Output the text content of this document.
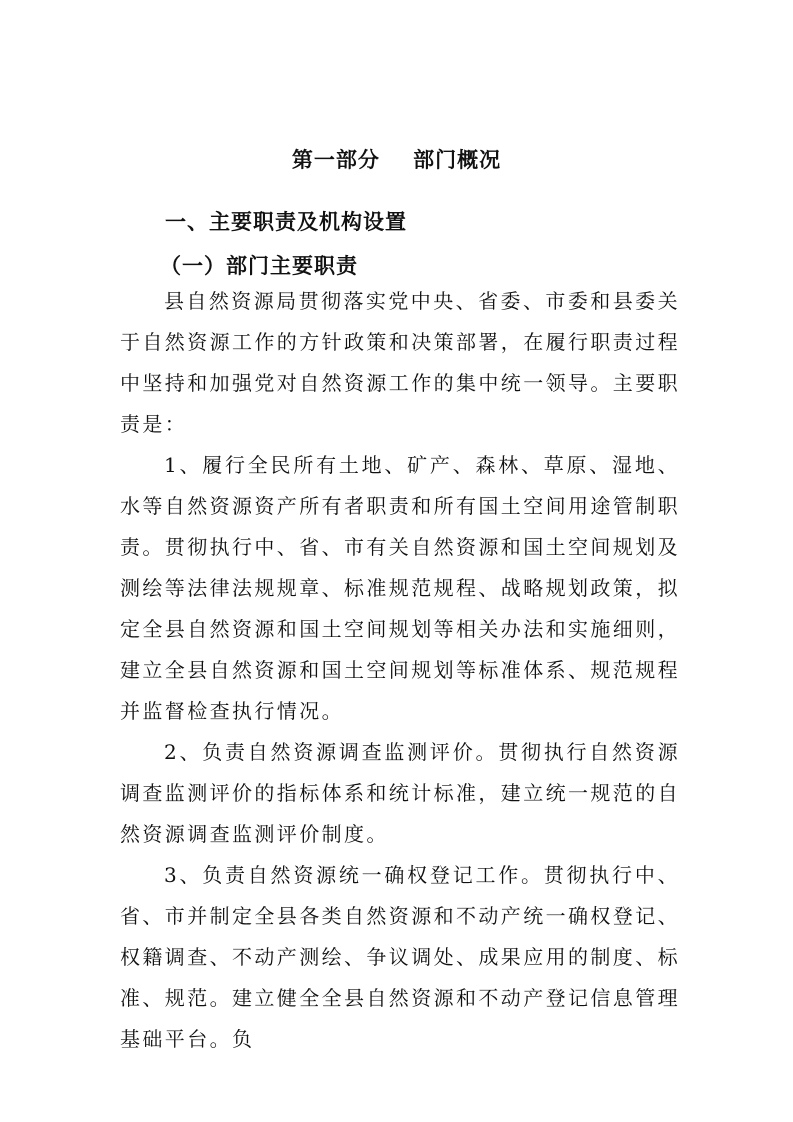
第一部分    部门概况
一、主要职责及机构设置
（一）部门主要职责

县自然资源局贯彻落实党中央、省委、市委和县委关于自然资源工作的方针政策和决策部署，在履行职责过程中坚持和加强党对自然资源工作的集中统一领导。主要职责是：

1、履行全民所有土地、矿产、森林、草原、湿地、水等自然资源资产所有者职责和所有国土空间用途管制职责。贯彻执行中、省、市有关自然资源和国土空间规划及测绘等法律法规规章、标准规范规程、战略规划政策，拟定全县自然资源和国土空间规划等相关办法和实施细则，建立全县自然资源和国土空间规划等标准体系、规范规程并监督检查执行情况。

2、负责自然资源调查监测评价。贯彻执行自然资源调查监测评价的指标体系和统计标准，建立统一规范的自然资源调查监测评价制度。

3、负责自然资源统一确权登记工作。贯彻执行中、省、市并制定全县各类自然资源和不动产统一确权登记、权籍调查、不动产测绘、争议调处、成果应用的制度、标准、规范。建立健全全县自然资源和不动产登记信息管理基础平台。负
